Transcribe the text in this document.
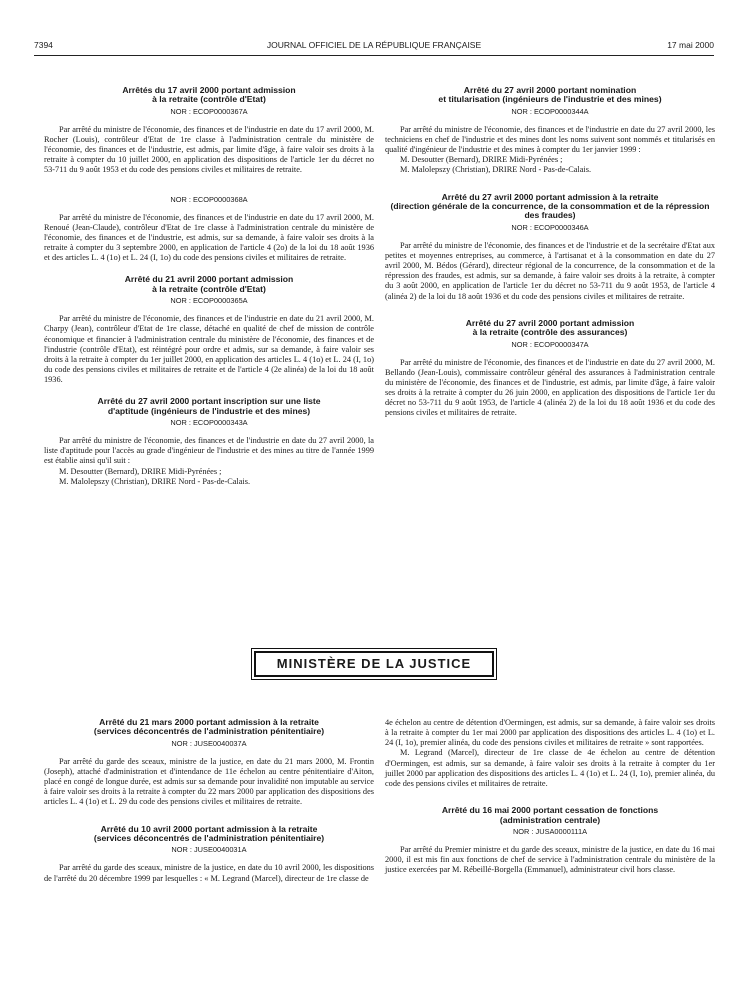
7394	JOURNAL OFFICIEL DE LA RÉPUBLIQUE FRANÇAISE	17 mai 2000
Arrêtés du 17 avril 2000 portant admission
à la retraite (contrôle d'Etat)
NOR : ECOP0000367A

Par arrêté du ministre de l'économie, des finances et de l'industrie en date du 17 avril 2000, M. Rocher (Louis), contrôleur d'Etat de 1re classe à l'administration centrale du ministère de l'économie, des finances et de l'industrie, est admis, par limite d'âge, à faire valoir ses droits à la retraite à compter du 10 juillet 2000, en application des dispositions de l'article 1er du décret no 53-711 du 9 août 1953 et du code des pensions civiles et militaires de retraite.

NOR : ECOP0000368A

Par arrêté du ministre de l'économie, des finances et de l'industrie en date du 17 avril 2000, M. Renoué (Jean-Claude), contrôleur d'Etat de 1re classe à l'administration centrale du ministère de l'économie, des finances et de l'industrie, est admis, sur sa demande, à faire valoir ses droits à la retraite à compter du 3 septembre 2000, en application de l'article 4 (2o) de la loi du 18 août 1936 et des articles L. 4 (1o) et L. 24 (I, 1o) du code des pensions civiles et militaires de retraite.

Arrêté du 21 avril 2000 portant admission
à la retraite (contrôle d'Etat)
NOR : ECOP0000365A

Par arrêté du ministre de l'économie, des finances et de l'industrie en date du 21 avril 2000, M. Charpy (Jean), contrôleur d'Etat de 1re classe, détaché en qualité de chef de mission de contrôle économique et financier à l'administration centrale du ministère de l'économie, des finances et de l'industrie (contrôle d'Etat), est réintégré pour ordre et admis, sur sa demande, à faire valoir ses droits à la retraite à compter du 1er juillet 2000, en application des articles L. 4 (1o) et L. 24 (I, 1o) du code des pensions civiles et militaires de retraite et de l'article 4 (2e alinéa) de la loi du 18 août 1936.

Arrêté du 27 avril 2000 portant inscription sur une liste
d'aptitude (ingénieurs de l'industrie et des mines)
NOR : ECOP0000343A

Par arrêté du ministre de l'économie, des finances et de l'industrie en date du 27 avril 2000, la liste d'aptitude pour l'accès au grade d'ingénieur de l'industrie et des mines au titre de l'année 1999 est établie ainsi qu'il suit :

M. Desoutter (Bernard), DRIRE Midi-Pyrénées ;

M. Malolepszy (Christian), DRIRE Nord - Pas-de-Calais.

Arrêté du 27 avril 2000 portant nomination
et titularisation (ingénieurs de l'industrie et des mines)
NOR : ECOP0000344A

Par arrêté du ministre de l'économie, des finances et de l'industrie en date du 27 avril 2000, les techniciens en chef de l'industrie et des mines dont les noms suivent sont nommés et titularisés en qualité d'ingénieur de l'industrie et des mines à compter du 1er janvier 1999 :

M. Desoutter (Bernard), DRIRE Midi-Pyrénées ;

M. Malolepszy (Christian), DRIRE Nord - Pas-de-Calais.

Arrêté du 27 avril 2000 portant admission à la retraite
(direction générale de la concurrence, de la consommation et de la répression des fraudes)
NOR : ECOP0000346A

Par arrêté du ministre de l'économie, des finances et de l'industrie et de la secrétaire d'Etat aux petites et moyennes entreprises, au commerce, à l'artisanat et à la consommation en date du 27 avril 2000, M. Bédos (Gérard), directeur régional de la concurrence, de la consommation et de la répression des fraudes, est admis, sur sa demande, à faire valoir ses droits à la retraite, à compter du 3 août 2000, en application de l'article 1er du décret no 53-711 du 9 août 1953, de l'article 4 (alinéa 2) de la loi du 18 août 1936 et du code des pensions civiles et militaires de retraite.

Arrêté du 27 avril 2000 portant admission
à la retraite (contrôle des assurances)
NOR : ECOP0000347A

Par arrêté du ministre de l'économie, des finances et de l'industrie en date du 27 avril 2000, M. Bellando (Jean-Louis), commissaire contrôleur général des assurances à l'administration centrale du ministère de l'économie, des finances et de l'industrie, est admis, par limite d'âge, à faire valoir ses droits à la retraite à compter du 26 juin 2000, en application des dispositions de l'article 1er du décret no 53-711 du 9 août 1953, de l'article 4 (alinéa 2) de la loi du 18 août 1936 et du code des pensions civiles et militaires de retraite.

MINISTÈRE DE LA JUSTICE
Arrêté du 21 mars 2000 portant admission à la retraite
(services déconcentrés de l'administration pénitentiaire)
NOR : JUSE0040037A

Par arrêté du garde des sceaux, ministre de la justice, en date du 21 mars 2000, M. Frontin (Joseph), attaché d'administration et d'intendance de 11e échelon au centre pénitentiaire d'Aiton, placé en congé de longue durée, est admis sur sa demande pour invalidité non imputable au service à faire valoir ses droits à la retraite à compter du 22 mars 2000 par application des dispositions des articles L. 4 (1o) et L. 29 du code des pensions civiles et militaires de retraite.

Arrêté du 10 avril 2000 portant admission à la retraite
(services déconcentrés de l'administration pénitentiaire)
NOR : JUSE0040031A

Par arrêté du garde des sceaux, ministre de la justice, en date du 10 avril 2000, les dispositions de l'arrêté du 20 décembre 1999 par lesquelles : « M. Legrand (Marcel), directeur de 1re classe de

4e échelon au centre de détention d'Oermingen, est admis, sur sa demande, à faire valoir ses droits à la retraite à compter du 1er mai 2000 par application des dispositions des articles L. 4 (1o) et L. 24 (I, 1o), premier alinéa, du code des pensions civiles et militaires de retraite » sont rapportées.

M. Legrand (Marcel), directeur de 1re classe de 4e échelon au centre de détention d'Oermingen, est admis, sur sa demande, à faire valoir ses droits à la retraite à compter du 1er juillet 2000 par application des dispositions des articles L. 4 (1o) et L. 24 (I, 1o), premier alinéa, du code des pensions civiles et militaires de retraite.

Arrêté du 16 mai 2000 portant cessation de fonctions
(administration centrale)
NOR : JUSA0000111A

Par arrêté du Premier ministre et du garde des sceaux, ministre de la justice, en date du 16 mai 2000, il est mis fin aux fonctions de chef de service à l'administration centrale du ministère de la justice exercées par M. Rébeillé-Borgella (Emmanuel), administrateur civil hors classe.
